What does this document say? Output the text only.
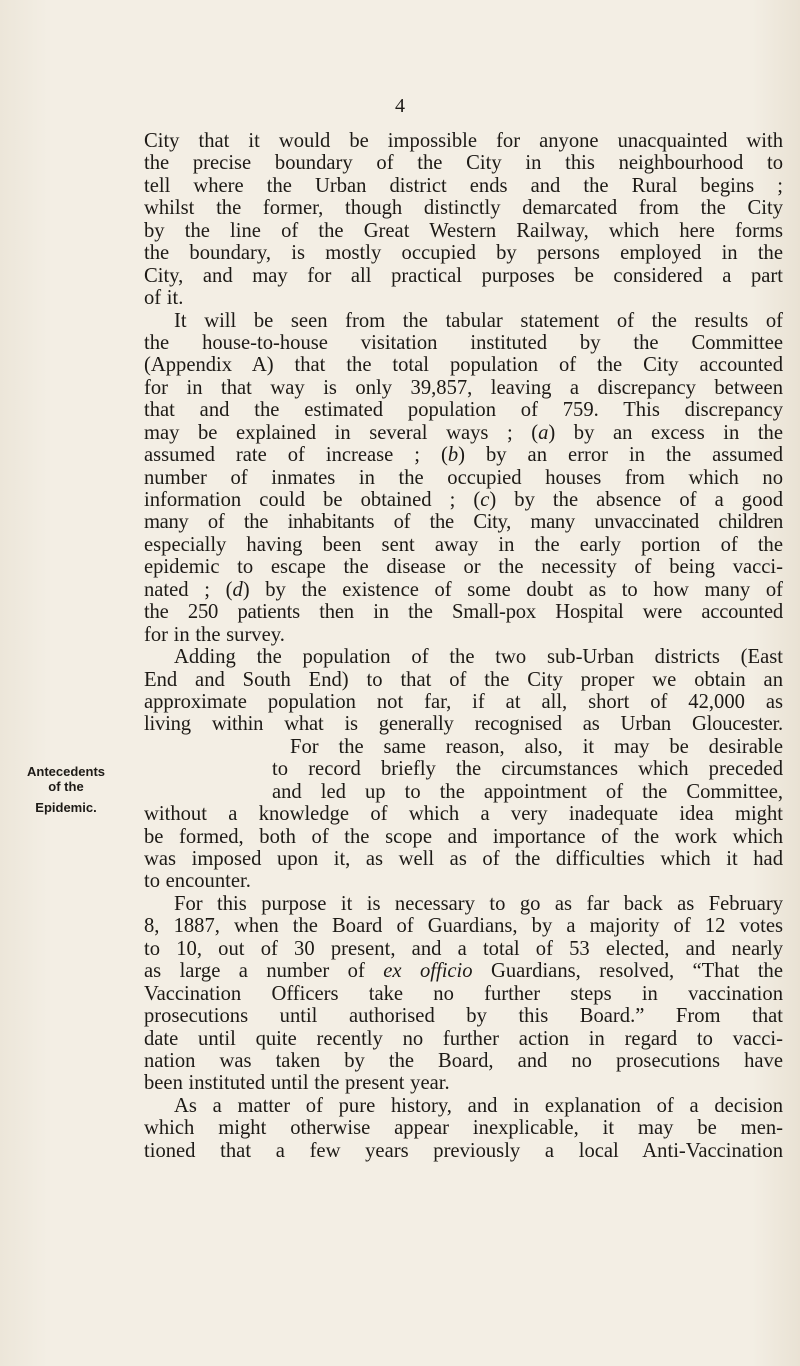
4
Antecedents
of the
Epidemic.
City that it would be impossible for anyone unacquainted with
the precise boundary of the City in this neighbourhood to
tell where the Urban district ends and the Rural begins ;
whilst the former, though distinctly demarcated from the City
by the line of the Great Western Railway, which here forms
the boundary, is mostly occupied by persons employed in the
City, and may for all practical purposes be considered a part
of it.
It will be seen from the tabular statement of the results of
the house-to-house visitation instituted by the Committee
(Appendix A) that the total population of the City accounted
for in that way is only 39,857, leaving a discrepancy between
that and the estimated population of 759. This discrepancy
may be explained in several ways ; (a) by an excess in the
assumed rate of increase ; (b) by an error in the assumed
number of inmates in the occupied houses from which no
information could be obtained ; (c) by the absence of a good
many of the inhabitants of the City, many unvaccinated children
especially having been sent away in the early portion of the
epidemic to escape the disease or the necessity of being vacci-
nated ; (d) by the existence of some doubt as to how many of
the 250 patients then in the Small-pox Hospital were accounted
for in the survey.
Adding the population of the two sub-Urban districts (East
End and South End) to that of the City proper we obtain an
approximate population not far, if at all, short of 42,000 as
living within what is generally recognised as Urban Gloucester.
For the same reason, also, it may be desirable
to record briefly the circumstances which preceded
and led up to the appointment of the Committee,
without a knowledge of which a very inadequate idea might
be formed, both of the scope and importance of the work which
was imposed upon it, as well as of the difficulties which it had
to encounter.
For this purpose it is necessary to go as far back as February
8, 1887, when the Board of Guardians, by a majority of 12 votes
to 10, out of 30 present, and a total of 53 elected, and nearly
as large a number of ex officio Guardians, resolved, “That the
Vaccination Officers take no further steps in vaccination
prosecutions until authorised by this Board.” From that
date until quite recently no further action in regard to vacci-
nation was taken by the Board, and no prosecutions have
been instituted until the present year.
As a matter of pure history, and in explanation of a decision
which might otherwise appear inexplicable, it may be men-
tioned that a few years previously a local Anti-Vaccination
